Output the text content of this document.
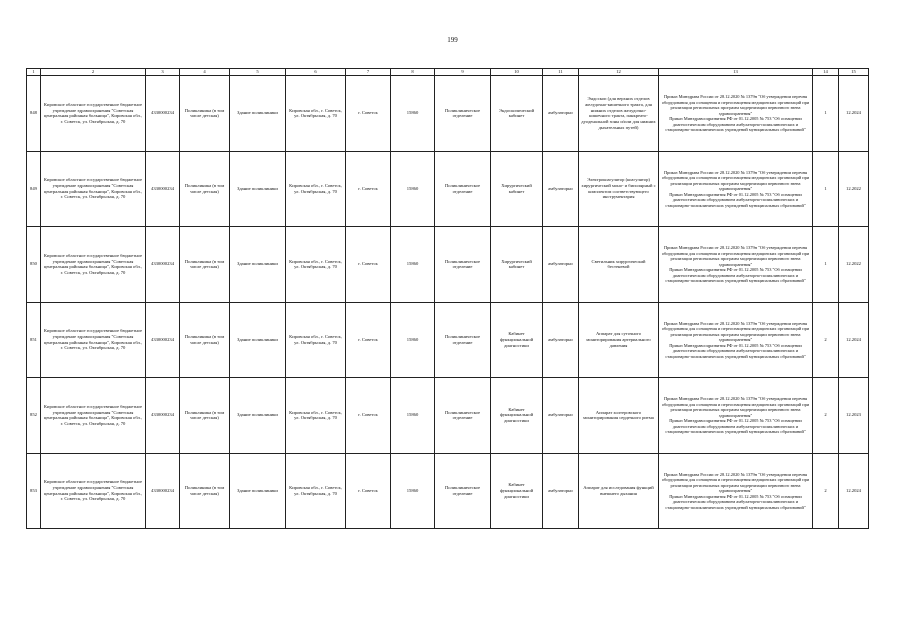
199
1	2	3	4	5	6	7	8	9	10	11	12	13	14	15
848	Кировское областное государственное бюджетное учреждение здравоохранения "Советская центральная районная больница", Кировская обл., г. Советск, ул. Октябрьская, д. 70	4330000234	Поликлиника (в том числе детская)	Здание поликлиники	Кировская обл., г. Советск, ул. Октябрьская, д. 70	г. Советск	15860	Поликлиническое отделение	Эндоскопический кабинет	амбулаторно	Эндоскоп (для верхних отделов желудочно-кишечного тракта, для нижних отделов желудочно-кишечного тракта, панкреато-дуоденальной зоны и/или для нижних дыхательных путей)	Приказ Минздрава России от 28.12.2020 № 1379н "Об утверждении перечня оборудования для оснащения и переоснащения медицинских организаций при реализации региональных программ модернизации первичного звена здравоохранения"
Приказ Минздравсоцразвития РФ от 01.12.2005 № 753 "Об оснащении диагностическим оборудованием амбулаторно-поликлинических и стационарно-поликлинических учреждений муниципальных образований"	1	12.2024
849	Кировское областное государственное бюджетное учреждение здравоохранения "Советская центральная районная больница", Кировская обл., г. Советск, ул. Октябрьская, д. 70	4330000234	Поликлиника (в том числе детская)	Здание поликлиники	Кировская обл., г. Советск, ул. Октябрьская, д. 70	г. Советск	15860	Поликлиническое отделение	Хирургический кабинет	амбулаторно	Электрокоагулятор (коагулятор) хирургический моно- и биполярный с комплектом соответствующего инструментария	Приказ Минздрава России от 28.12.2020 № 1379н "Об утверждении перечня оборудования для оснащения и переоснащения медицинских организаций при реализации региональных программ модернизации первичного звена здравоохранения"
Приказ Минздравсоцразвития РФ от 01.12.2005 № 753 "Об оснащении диагностическим оборудованием амбулаторно-поликлинических и стационарно-поликлинических учреждений муниципальных образований"	1	12.2022
850	Кировское областное государственное бюджетное учреждение здравоохранения "Советская центральная районная больница", Кировская обл., г. Советск, ул. Октябрьская, д. 70	4330000234	Поликлиника (в том числе детская)	Здание поликлиники	Кировская обл., г. Советск, ул. Октябрьская, д. 70	г. Советск	15860	Поликлиническое отделение	Хирургический кабинет	амбулаторно	Светильник хирургический бестеневой	Приказ Минздрава России от 28.12.2020 № 1379н "Об утверждении перечня оборудования для оснащения и переоснащения медицинских организаций при реализации региональных программ модернизации первичного звена здравоохранения"
Приказ Минздравсоцразвития РФ от 01.12.2005 № 753 "Об оснащении диагностическим оборудованием амбулаторно-поликлинических и стационарно-поликлинических учреждений муниципальных образований"	1	12.2022
851	Кировское областное государственное бюджетное учреждение здравоохранения "Советская центральная районная больница", Кировская обл., г. Советск, ул. Октябрьская, д. 70	4330000234	Поликлиника (в том числе детская)	Здание поликлиники	Кировская обл., г. Советск, ул. Октябрьская, д. 70	г. Советск	15860	Поликлиническое отделение	Кабинет функциональной диагностики	амбулаторно	Аппарат для суточного мониторирования артериального давления	Приказ Минздрава России от 28.12.2020 № 1379н "Об утверждении перечня оборудования для оснащения и переоснащения медицинских организаций при реализации региональных программ модернизации первичного звена здравоохранения"
Приказ Минздравсоцразвития РФ от 01.12.2005 № 753 "Об оснащении диагностическим оборудованием амбулаторно-поликлинических и стационарно-поликлинических учреждений муниципальных образований"	2	12.2024
852	Кировское областное государственное бюджетное учреждение здравоохранения "Советская центральная районная больница", Кировская обл., г. Советск, ул. Октябрьская, д. 70	4330000234	Поликлиника (в том числе детская)	Здание поликлиники	Кировская обл., г. Советск, ул. Октябрьская, д. 70	г. Советск	15860	Поликлиническое отделение	Кабинет функциональной диагностики	амбулаторно	Аппарат холтеровского мониторирования сердечного ритма	Приказ Минздрава России от 28.12.2020 № 1379н "Об утверждении перечня оборудования для оснащения и переоснащения медицинских организаций при реализации региональных программ модернизации первичного звена здравоохранения"
Приказ Минздравсоцразвития РФ от 01.12.2005 № 753 "Об оснащении диагностическим оборудованием амбулаторно-поликлинических и стационарно-поликлинических учреждений муниципальных образований"	2	12.2023
853	Кировское областное государственное бюджетное учреждение здравоохранения "Советская центральная районная больница", Кировская обл., г. Советск, ул. Октябрьская, д. 70	4330000234	Поликлиника (в том числе детская)	Здание поликлиники	Кировская обл., г. Советск, ул. Октябрьская, д. 70	г. Советск	15860	Поликлиническое отделение	Кабинет функциональной диагностики	амбулаторно	Аппарат для исследования функций внешнего дыхания	Приказ Минздрава России от 28.12.2020 № 1379н "Об утверждении перечня оборудования для оснащения и переоснащения медицинских организаций при реализации региональных программ модернизации первичного звена здравоохранения"
Приказ Минздравсоцразвития РФ от 01.12.2005 № 753 "Об оснащении диагностическим оборудованием амбулаторно-поликлинических и стационарно-поликлинических учреждений муниципальных образований"	2	12.2024
